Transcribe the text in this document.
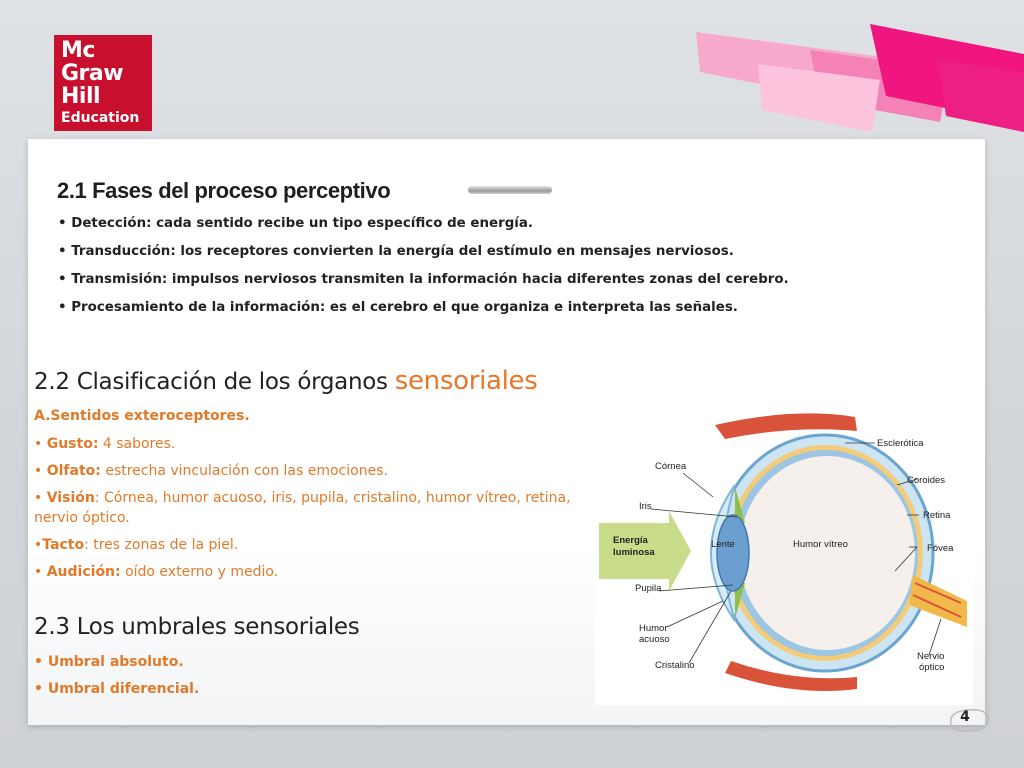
Mc
Graw
Hill
Education
2.1 Fases del proceso perceptivo
• Detección: cada sentido recibe un tipo específico de energía.
• Transducción: los receptores convierten la energía del estímulo en mensajes nerviosos.
• Transmisión: impulsos nerviosos transmiten la información hacia diferentes zonas del cerebro.
• Procesamiento de la información: es el cerebro el que organiza e interpreta las señales.
2.2 Clasificación de los órganos sensoriales
A.Sentidos exteroceptores.
• Gusto: 4 sabores.
• Olfato: estrecha vinculación con las emociones.
• Visión: Córnea, humor acuoso, iris, pupila, cristalino, humor vítreo, retina, nervio óptico.
•Tacto: tres zonas de la piel.
• Audición: oído externo y medio.
2.3 Los umbrales sensoriales
• Umbral absoluto.
• Umbral diferencial.
Esclerótica
Córnea
Coroides
Iris
Retina
Energía
luminosa
Lente	Humor vítreo	Fóvea
Pupila
Humor
acuoso
Nervio
óptico
Cristalino
4
